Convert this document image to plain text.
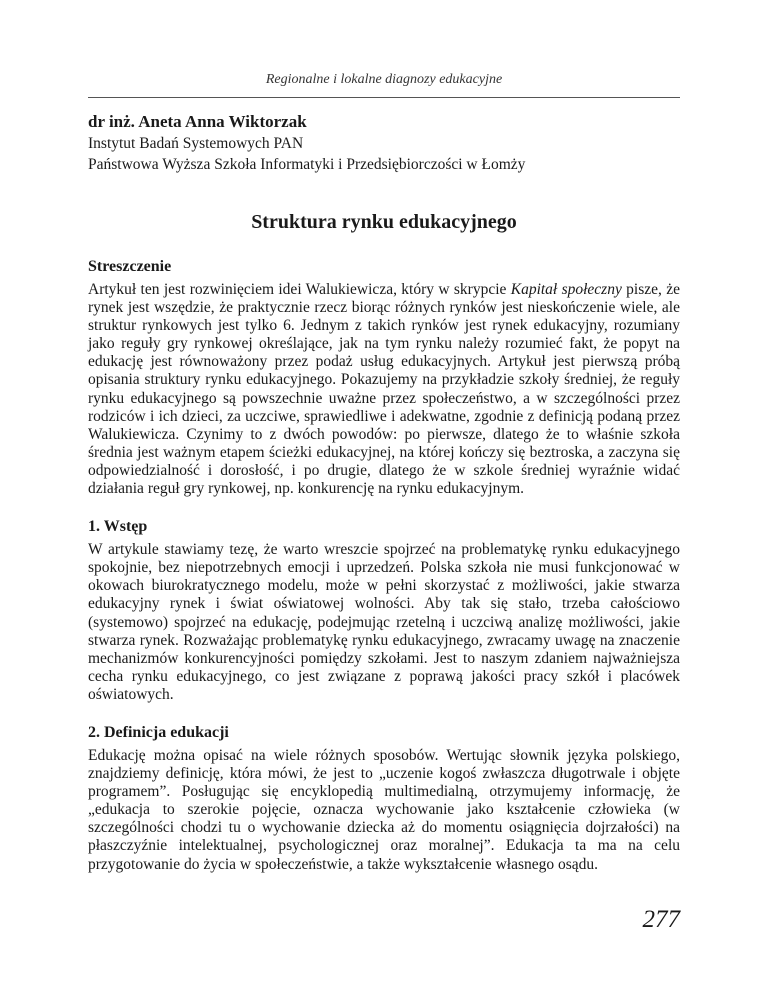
Regionalne i lokalne diagnozy edukacyjne

dr inż. Aneta Anna Wiktorzak

Instytut Badań Systemowych PAN

Państwowa Wyższa Szkoła Informatyki i Przedsiębiorczości w Łomży

Struktura rynku edukacyjnego
Streszczenie

Artykuł ten jest rozwinięciem idei Walukiewicza, który w skrypcie Kapitał społeczny pisze, że rynek jest wszędzie, że praktycznie rzecz biorąc różnych rynków jest nieskończenie wiele, ale struktur rynkowych jest tylko 6. Jednym z takich rynków jest rynek edukacyjny, rozumiany jako reguły gry rynkowej określające, jak na tym rynku należy rozumieć fakt, że popyt na edukację jest równoważony przez podaż usług edukacyjnych. Artykuł jest pierwszą próbą opisania struktury rynku edukacyjnego. Pokazujemy na przykładzie szkoły średniej, że reguły rynku edukacyjnego są powszechnie uważne przez społeczeństwo, a w szczególności przez rodziców i ich dzieci, za uczciwe, sprawiedliwe i adekwatne, zgodnie z definicją podaną przez Walukiewicza. Czynimy to z dwóch powodów: po pierwsze, dlatego że to właśnie szkoła średnia jest ważnym etapem ścieżki edukacyjnej, na której kończy się beztroska, a zaczyna się odpowiedzialność i dorosłość, i po drugie, dlatego że w szkole średniej wyraźnie widać działania reguł gry rynkowej, np. konkurencję na rynku edukacyjnym.

1. Wstęp

W artykule stawiamy tezę, że warto wreszcie spojrzeć na problematykę rynku edukacyjnego spokojnie, bez niepotrzebnych emocji i uprzedzeń. Polska szkoła nie musi funkcjonować w okowach biurokratycznego modelu, może w pełni skorzystać z możliwości, jakie stwarza edukacyjny rynek i świat oświatowej wolności. Aby tak się stało, trzeba całościowo (systemowo) spojrzeć na edukację, podejmując rzetelną i uczciwą analizę możliwości, jakie stwarza rynek. Rozważając problematykę rynku edukacyjnego, zwracamy uwagę na znaczenie mechanizmów konkurencyjności pomiędzy szkołami. Jest to naszym zdaniem najważniejsza cecha rynku edukacyjnego, co jest związane z poprawą jakości pracy szkół i placówek oświatowych.

2. Definicja edukacji

Edukację można opisać na wiele różnych sposobów. Wertując słownik języka polskiego, znajdziemy definicję, która mówi, że jest to „uczenie kogoś zwłaszcza długotrwale i objęte programem”. Posługując się encyklopedią multimedialną, otrzymujemy informację, że „edukacja to szerokie pojęcie, oznacza wychowanie jako kształcenie człowieka (w szczególności chodzi tu o wychowanie dziecka aż do momentu osiągnięcia dojrzałości) na płaszczyźnie intelektualnej, psychologicznej oraz moralnej”. Edukacja ta ma na celu przygotowanie do życia w społeczeństwie, a także wykształcenie własnego osądu.

277
